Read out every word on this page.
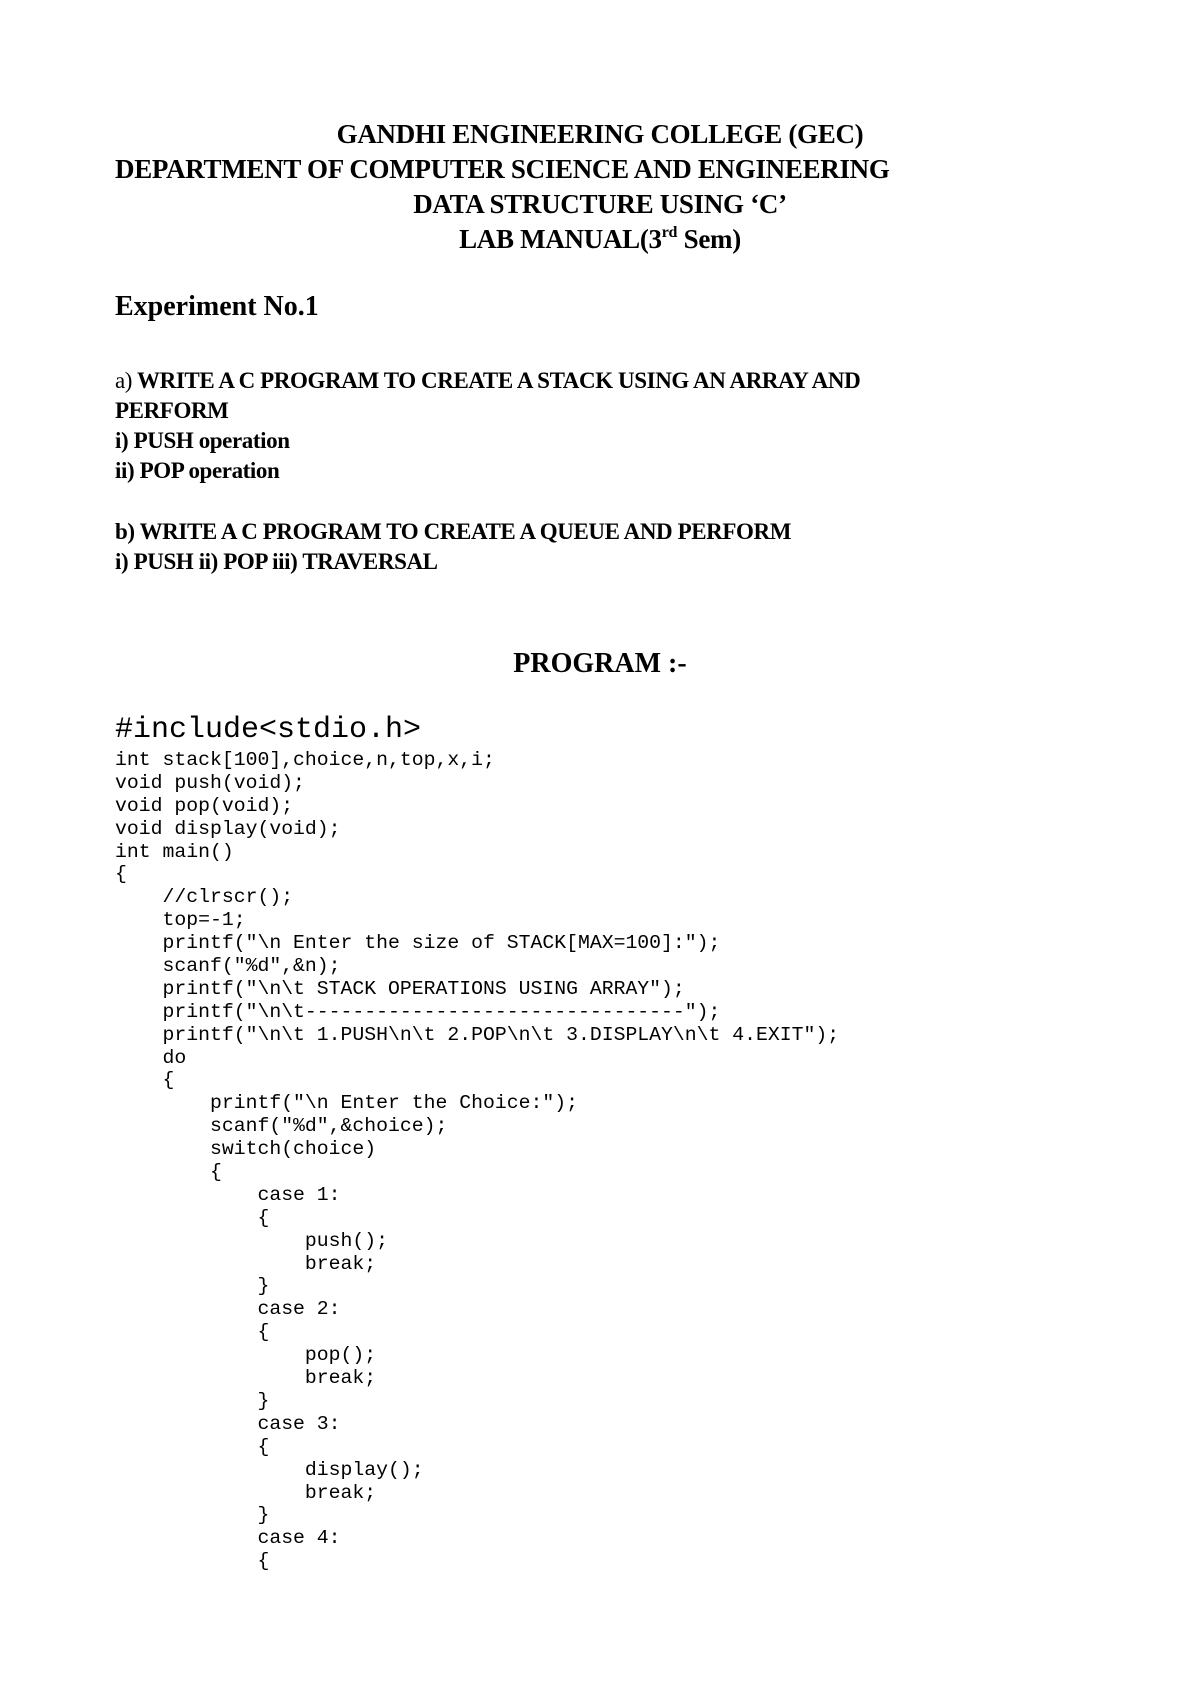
GANDHI ENGINEERING COLLEGE (GEC)
DEPARTMENT OF COMPUTER SCIENCE AND ENGINEERING
DATA STRUCTURE USING ‘C’
LAB MANUAL(3rd Sem)
Experiment No.1
a) WRITE A C PROGRAM TO CREATE A STACK USING AN ARRAY AND
PERFORM
i) PUSH operation
ii) POP operation
b) WRITE A C PROGRAM TO CREATE A QUEUE AND PERFORM
i) PUSH ii) POP iii) TRAVERSAL
PROGRAM :-
#include<stdio.h>
int stack[100],choice,n,top,x,i;
void push(void);
void pop(void);
void display(void);
int main()
{
//clrscr();
top=-1;
printf("\n Enter the size of STACK[MAX=100]:");
scanf("%d",&n);
printf("\n\t STACK OPERATIONS USING ARRAY");
printf("\n\t--------------------------------");
printf("\n\t 1.PUSH\n\t 2.POP\n\t 3.DISPLAY\n\t 4.EXIT");
do
{
printf("\n Enter the Choice:");
scanf("%d",&choice);
switch(choice)
{
case 1:
{
push();
break;
}
case 2:
{
pop();
break;
}
case 3:
{
display();
break;
}
case 4:
{
